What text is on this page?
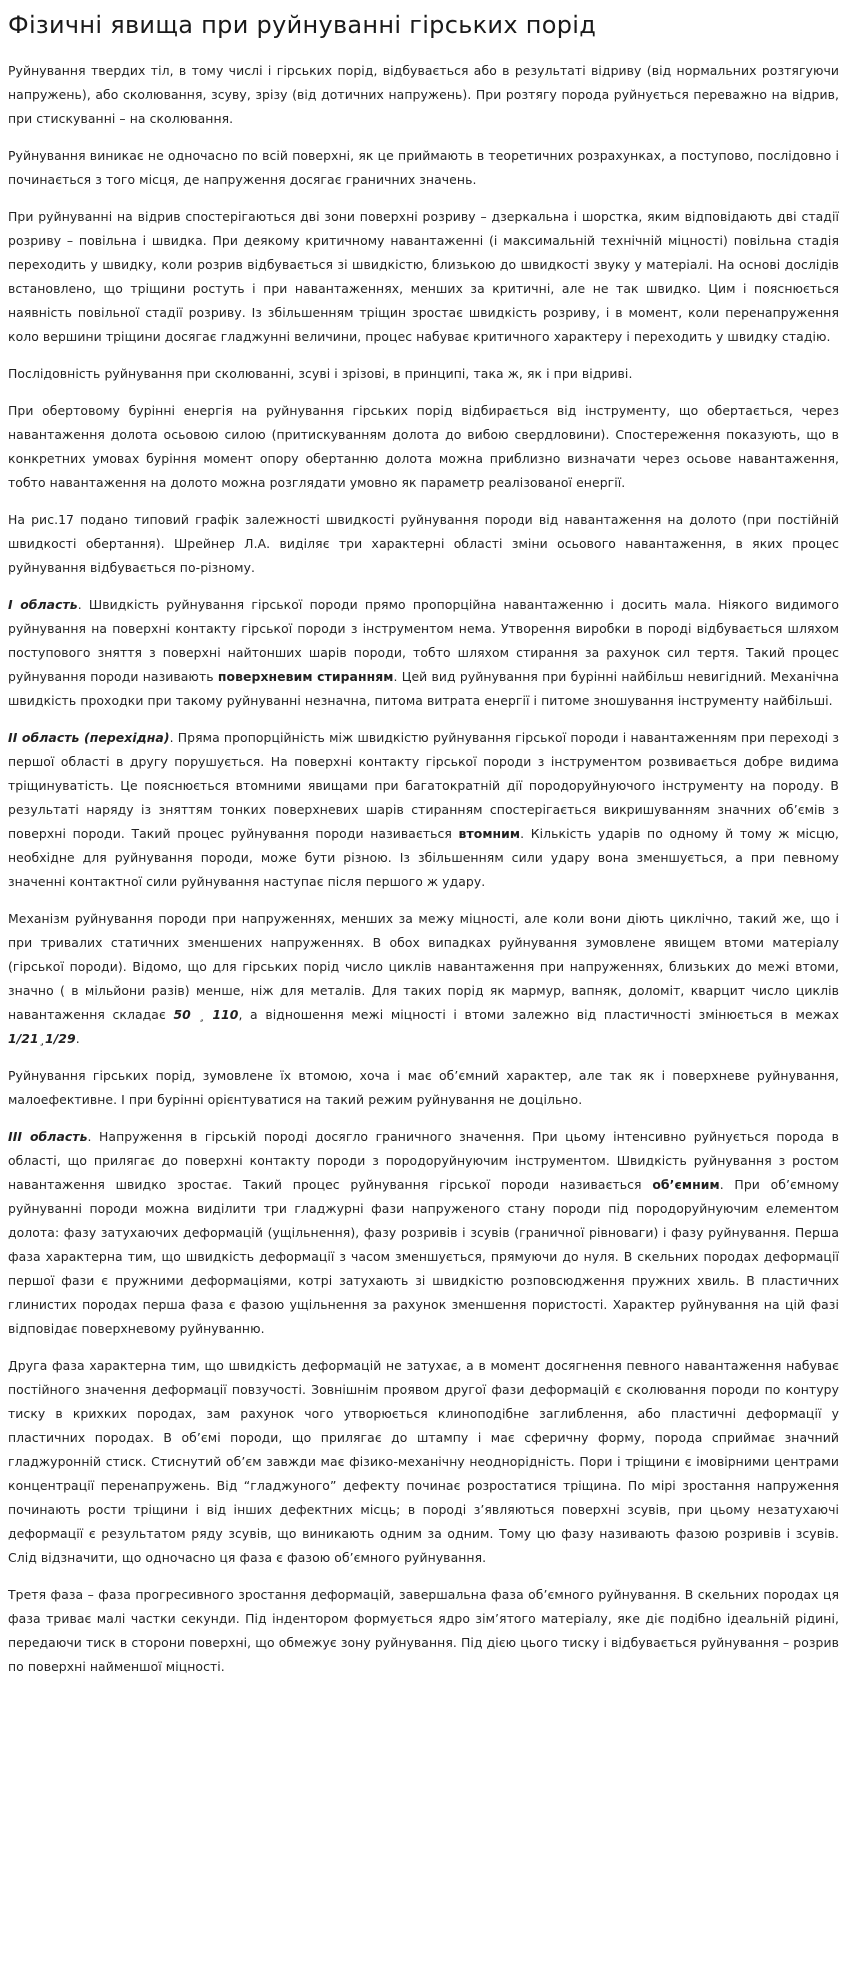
Фізичні явища при руйнуванні гірських порід

Руйнування твердих тіл, в тому числі і гірських порід, відбувається або в результаті відриву (від нормальних розтягуючи напружень), або сколювання, зсуву, зрізу (від дотичних напружень). При розтягу порода руйнується переважно на відрив, при стискуванні – на сколювання.

Руйнування виникає не одночасно по всій поверхні, як це приймають в теоретичних розрахунках, а поступово, послідовно і починається з того місця, де напруження досягає граничних значень.

При руйнуванні на відрив спостерігаються дві зони поверхні розриву – дзеркальна і шорстка, яким відповідають дві стадії розриву – повільна і швидка. При деякому критичному навантаженні (і максимальній технічній міцності) повільна стадія переходить у швидку, коли розрив відбувається зі швидкістю, близькою до швидкості звуку у матеріалі. На основі дослідів встановлено, що тріщини ростуть і при навантаженнях, менших за критичні, але не так швидко. Цим і пояснюється наявність повільної стадії розриву. Із збільшенням тріщин зростає швидкість розриву, і в момент, коли перенапруження коло вершини тріщини досягає гладжунні величини, процес набуває критичного характеру і переходить у швидку стадію.

Послідовність руйнування при сколюванні, зсуві і зрізові, в принципі, така ж, як і при відриві.

При обертовому бурінні енергія на руйнування гірських порід відбирається від інструменту, що обертається, через навантаження долота осьовою силою (притискуванням долота до вибою свердловини). Спостереження показують, що в конкретних умовах буріння момент опору обертанню долота можна приблизно визначати через осьове навантаження, тобто навантаження на долото можна розглядати умовно як параметр реалізованої енергії.

На рис.17 подано типовий графік залежності швидкості руйнування породи від навантаження на долото (при постійній швидкості обертання). Шрейнер Л.А. виділяє три характерні області зміни осьового навантаження, в яких процес руйнування відбувається по-різному.

І область. Швидкість руйнування гірської породи прямо пропорційна навантаженню і досить мала. Ніякого видимого руйнування на поверхні контакту гірської породи з інструментом нема. Утворення виробки в породі відбувається шляхом поступового зняття з поверхні найтонших шарів породи, тобто шляхом стирання за рахунок сил тертя. Такий процес руйнування породи називають поверхневим стиранням. Цей вид руйнування при бурінні найбільш невигідний. Механічна швидкість проходки при такому руйнуванні незначна, питома витрата енергії і питоме зношування інструменту найбільші.

ІІ область (перехідна). Пряма пропорційність між швидкістю руйнування гірської породи і навантаженням при переході з першої області в другу порушується. На поверхні контакту гірської породи з інструментом розвивається добре видима тріщинуватість. Це пояснюється втомними явищами при багатократній дії породоруйнуючого інструменту на породу. В результаті наряду із зняттям тонких поверхневих шарів стиранням спостерігається викришуванням значних об’ємів з поверхні породи. Такий процес руйнування породи називається втомним. Кількість ударів по одному й тому ж місцю, необхідне для руйнування породи, може бути різною. Із збільшенням сили удару вона зменшується, а при певному значенні контактної сили руйнування наступає після першого ж удару.

Механізм руйнування породи при напруженнях, менших за межу міцності, але коли вони діють циклічно, такий же, що і при тривалих статичних зменшених напруженнях. В обох випадках руйнування зумовлене явищем втоми матеріалу (гірської породи). Відомо, що для гірських порід число циклів навантаження при напруженнях, близьких до межі втоми, значно ( в мільйони разів) менше, ніж для металів. Для таких порід як мармур, вапняк, доломіт, кварцит число циклів навантаження складає 50 ¸ 110, а відношення межі міцності і втоми залежно від пластичності змінюється в межах 1/21¸1/29.

Руйнування гірських порід, зумовлене їх втомою, хоча і має об’ємний характер, але так як і поверхневе руйнування, малоефективне. І при бурінні орієнтуватися на такий режим руйнування не доцільно.

ІІІ область. Напруження в гірській породі досягло граничного значення. При цьому інтенсивно руйнується порода в області, що прилягає до поверхні контакту породи з породоруйнуючим інструментом. Швидкість руйнування з ростом навантаження швидко зростає. Такий процес руйнування гірської породи називається об’ємним. При об’ємному руйнуванні породи можна виділити три гладжурні фази напруженого стану породи під породоруйнуючим елементом долота: фазу затухаючих деформацій (ущільнення), фазу розривів і зсувів (граничної рівноваги) і фазу руйнування. Перша фаза характерна тим, що швидкість деформації з часом зменшується, прямуючи до нуля. В скельних породах деформації першої фази є пружними деформаціями, котрі затухають зі швидкістю розповсюдження пружних хвиль. В пластичних глинистих породах перша фаза є фазою ущільнення за рахунок зменшення пористості. Характер руйнування на цій фазі відповідає поверхневому руйнуванню.

Друга фаза характерна тим, що швидкість деформацій не затухає, а в момент досягнення певного навантаження набуває постійного значення деформації повзучості. Зовнішнім проявом другої фази деформацій є сколювання породи по контуру тиску в крихких породах, зам рахунок чого утворюється клиноподібне заглиблення, або пластичні деформації у пластичних породах. В об’ємі породи, що прилягає до штампу і має сферичну форму, порода сприймає значний гладжуронній стиск. Стиснутий об’єм завжди має фізико-механічну неоднорідність. Пори і тріщини є імовірними центрами концентрації перенапружень. Від “гладжуного” дефекту починає розростатися тріщина. По мірі зростання напруження починають рости тріщини і від інших дефектних місць; в породі з’являються поверхні зсувів, при цьому незатухаючі деформації є результатом ряду зсувів, що виникають одним за одним. Тому цю фазу називають фазою розривів і зсувів. Слід відзначити, що одночасно ця фаза є фазою об’ємного руйнування.

Третя фаза – фаза прогресивного зростання деформацій, завершальна фаза об’ємного руйнування. В скельних породах ця фаза триває малі частки секунди. Під індентором формується ядро зім’ятого матеріалу, яке діє подібно ідеальній рідині, передаючи тиск в сторони поверхні, що обмежує зону руйнування. Під дією цього тиску і відбувається руйнування – розрив по поверхні найменшої міцності.
